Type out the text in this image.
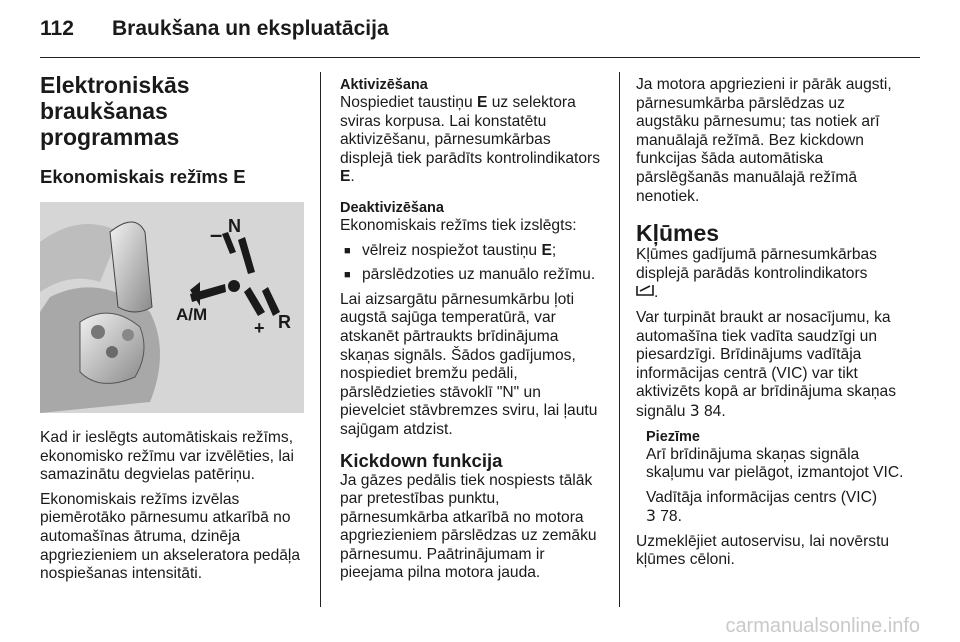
112 Braukšana un ekspluatācija
Elektroniskās braukšanas programmas
Ekonomiskais režīms E
– N
A/M
+ R

Kad ir ieslēgts automātiskais režīms, ekonomisko režīmu var izvēlēties, lai samazinātu degvielas patēriņu.

Ekonomiskais režīms izvēlas piemērotāko pārnesumu atkarībā no automašīnas ātruma, dzinēja apgriezieniem un akseleratora pedāļa nospiešanas intensitāti.

Aktivizēšana

Nospiediet taustiņu E uz selektora sviras korpusa. Lai konstatētu aktivizēšanu, pārnesumkārbas displejā tiek parādīts kontrolindikators E.

Deaktivizēšana

Ekonomiskais režīms tiek izslēgts:

■ vēlreiz nospiežot taustiņu E;
■ pārslēdzoties uz manuālo režīmu.

Lai aizsargātu pārnesumkārbu ļoti augstā sajūga temperatūrā, var atskanēt pārtraukts brīdinājuma skaņas signāls. Šādos gadījumos, nospiediet bremžu pedāli, pārslēdzieties stāvoklī "N" un pievelciet stāvbremzes sviru, lai ļautu sajūgam atdzist.

Kickdown funkcija

Ja gāzes pedālis tiek nospiests tālāk par pretestības punktu, pārnesumkārba atkarībā no motora apgriezieniem pārslēdzas uz zemāku pārnesumu. Paātrinājumam ir pieejama pilna motora jauda.

Ja motora apgriezieni ir pārāk augsti, pārnesumkārba pārslēdzas uz augstāku pārnesumu; tas notiek arī manuālajā režīmā. Bez kickdown funkcijas šāda automātiska pārslēgšanās manuālajā režīmā nenotiek.

Kļūmes

Kļūmes gadījumā pārnesumkārbas displejā parādās kontrolindikators
.

Var turpināt braukt ar nosacījumu, ka automašīna tiek vadīta saudzīgi un piesardzīgi. Brīdinājums vadītāja informācijas centrā (VIC) var tikt aktivizēts kopā ar brīdinājuma skaņas signālu 3 84.

Piezīme

Arī brīdinājuma skaņas signāla skaļumu var pielāgot, izmantojot VIC.

Vadītāja informācijas centrs (VIC)
3 78.

Uzmeklējiet autoservisu, lai novērstu kļūmes cēloni.

carmanualsonline.info
